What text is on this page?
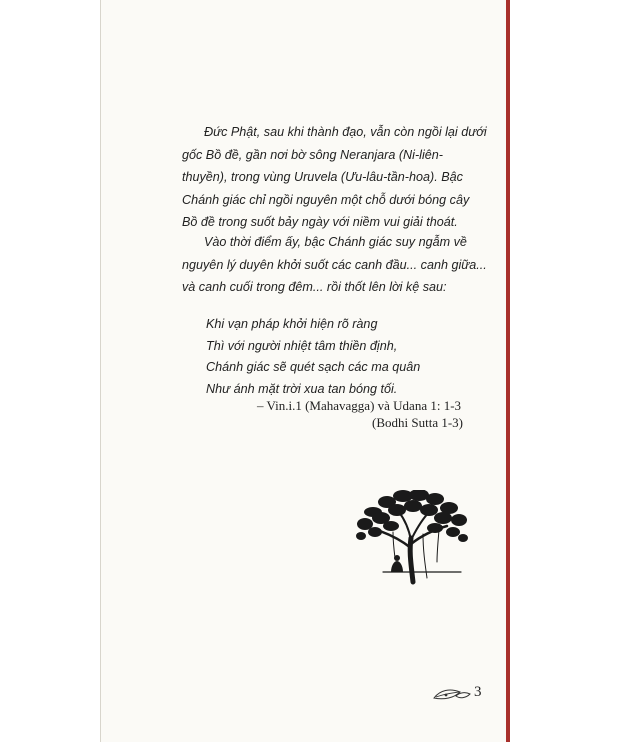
Đức Phật, sau khi thành đạo, vẫn còn ngồi lại dưới gốc Bồ đề, gần nơi bờ sông Neranjara (Ni-liên-thuyền), trong vùng Uruvela (Ưu-lâu-tần-hoa). Bậc Chánh giác chỉ ngồi nguyên một chỗ dưới bóng cây Bồ đề trong suốt bảy ngày với niềm vui giải thoát.

Vào thời điểm ấy, bậc Chánh giác suy ngẫm về nguyên lý duyên khởi suốt các canh đầu... canh giữa... và canh cuối trong đêm... rồi thốt lên lời kệ sau:

Khi vạn pháp khởi hiện rõ ràng
Thì với người nhiệt tâm thiền định,
Chánh giác sẽ quét sạch các ma quân
Như ánh mặt trời xua tan bóng tối.
– Vin.i.1 (Mahavagga) và Udana 1: 1-3
(Bodhi Sutta 1-3)
3
